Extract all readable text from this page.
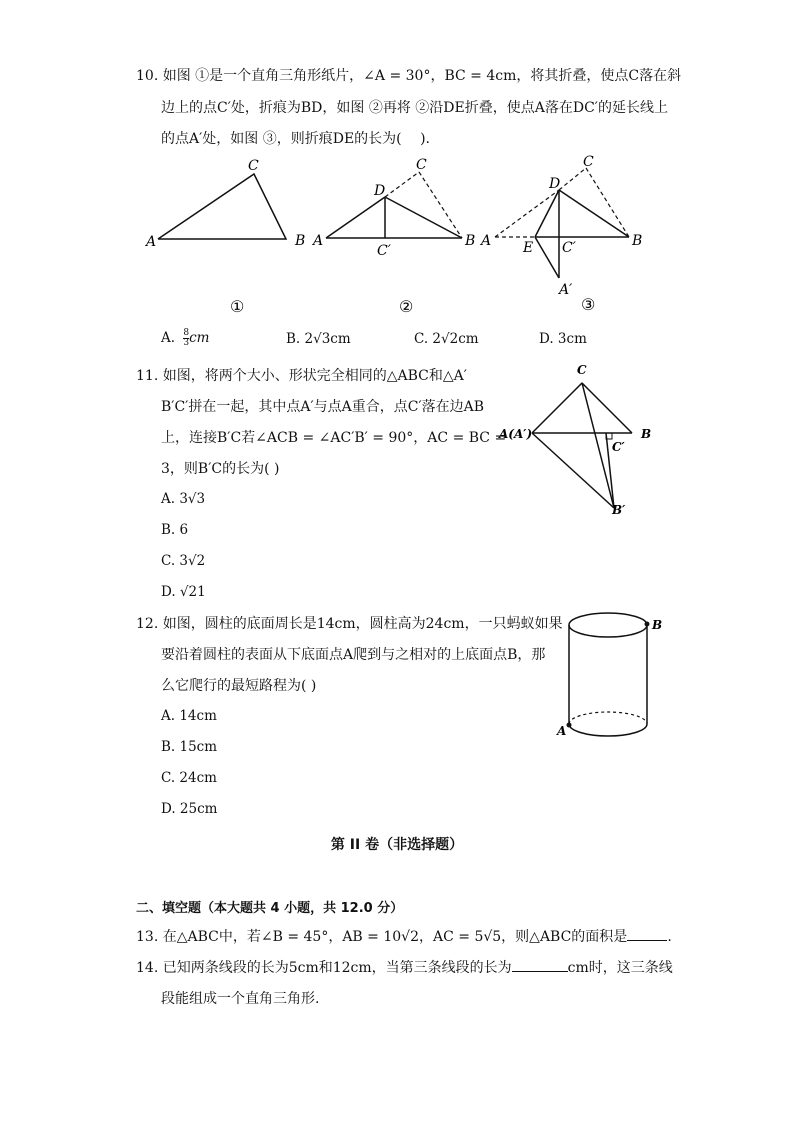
10. 如图 ①是一个直角三角形纸片，∠A = 30°，BC = 4cm，将其折叠，使点C落在斜
边上的点C′处，折痕为BD，如图 ②再将 ②沿DE折叠，使点A落在DC′的延长线上
的点A′处，如图 ③，则折痕DE的长为(　 ).
A	B
C
①
A	B
C
D
C′
②
A	B
C
D
E C′
A′
③
A. $\frac{8}{3}$ cm	B. 2√3cm	C. 2√2cm	D. 3cm
11. 如图，将两个大小、形状完全相同的△ABC和△A′
B′C′拼在一起，其中点A′与点A重合，点C′落在边AB
上，连接B′C若∠ACB = ∠AC′B′ = 90°，AC = BC =
3，则B′C的长为( )
A. 3√3
B. 6
C. 3√2
D. √21
C
A(A′)	B
C′
B′
12. 如图，圆柱的底面周长是14cm，圆柱高为24cm，一只蚂蚁如果
要沿着圆柱的表面从下底面点A爬到与之相对的上底面点B，那
么它爬行的最短路程为( )
A. 14cm
B. 15cm
C. 24cm
D. 25cm
B
A
第 II 卷（非选择题）
二、填空题（本大题共 4 小题，共 12.0 分）
13. 在△ABC中，若∠B = 45°，AB = 10√2，AC = 5√5，则△ABC的面积是	.
14. 已知两条线段的长为5cm和12cm，当第三条线段的长为	cm时，这三条线
段能组成一个直角三角形.
